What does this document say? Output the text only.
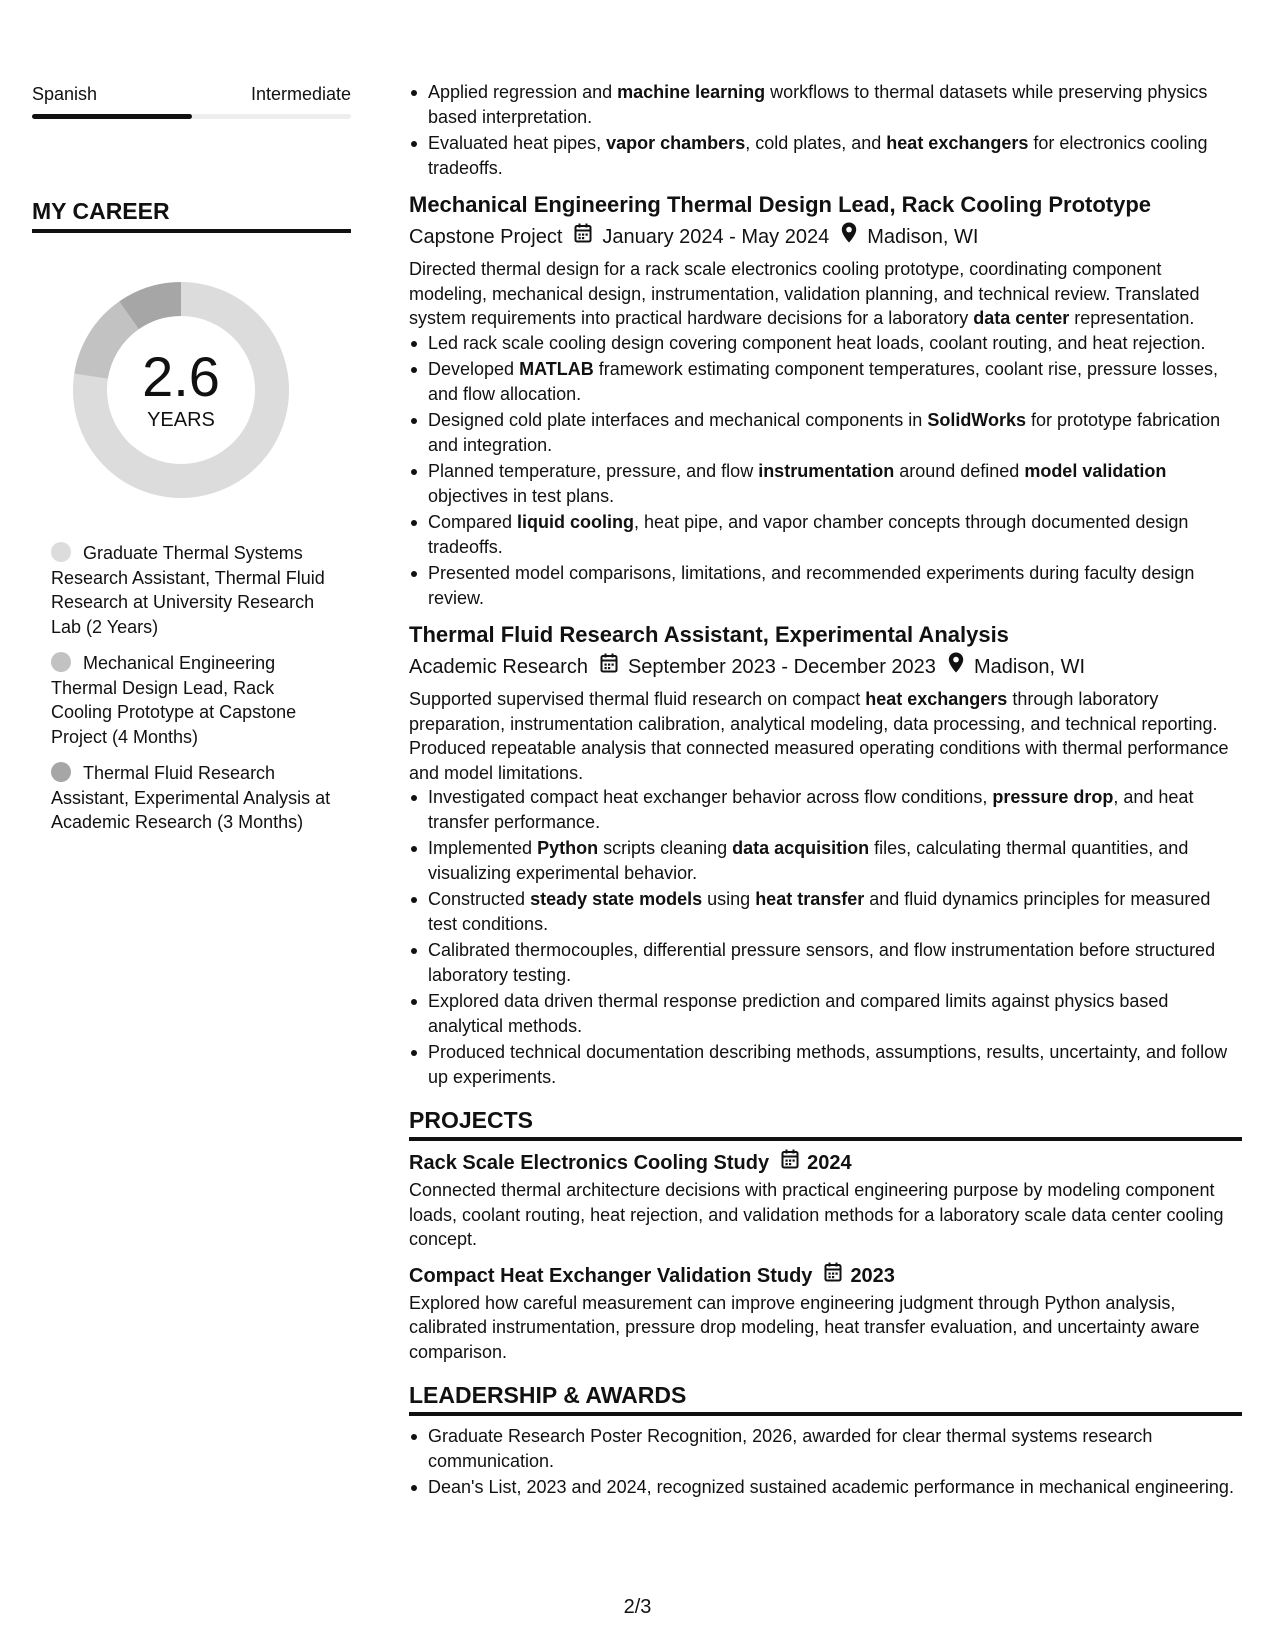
Spanish	Intermediate
MY CAREER
2.6
YEARS
Graduate Thermal Systems Research Assistant, Thermal Fluid Research at University Research Lab (2 Years)
Mechanical Engineering Thermal Design Lead, Rack Cooling Prototype at Capstone Project (4 Months)
Thermal Fluid Research Assistant, Experimental Analysis at Academic Research (3 Months)
Applied regression and machine learning workflows to thermal datasets while preserving physics based interpretation.
Evaluated heat pipes, vapor chambers, cold plates, and heat exchangers for electronics cooling tradeoffs.
Mechanical Engineering Thermal Design Lead, Rack Cooling Prototype
Capstone Project January 2024 - May 2024 Madison, WI
Directed thermal design for a rack scale electronics cooling prototype, coordinating component modeling, mechanical design, instrumentation, validation planning, and technical review. Translated system requirements into practical hardware decisions for a laboratory data center representation.
Led rack scale cooling design covering component heat loads, coolant routing, and heat rejection.
Developed MATLAB framework estimating component temperatures, coolant rise, pressure losses, and flow allocation.
Designed cold plate interfaces and mechanical components in SolidWorks for prototype fabrication and integration.
Planned temperature, pressure, and flow instrumentation around defined model validation objectives in test plans.
Compared liquid cooling, heat pipe, and vapor chamber concepts through documented design tradeoffs.
Presented model comparisons, limitations, and recommended experiments during faculty design review.
Thermal Fluid Research Assistant, Experimental Analysis
Academic Research September 2023 - December 2023 Madison, WI
Supported supervised thermal fluid research on compact heat exchangers through laboratory preparation, instrumentation calibration, analytical modeling, data processing, and technical reporting. Produced repeatable analysis that connected measured operating conditions with thermal performance and model limitations.
Investigated compact heat exchanger behavior across flow conditions, pressure drop, and heat transfer performance.
Implemented Python scripts cleaning data acquisition files, calculating thermal quantities, and visualizing experimental behavior.
Constructed steady state models using heat transfer and fluid dynamics principles for measured test conditions.
Calibrated thermocouples, differential pressure sensors, and flow instrumentation before structured laboratory testing.
Explored data driven thermal response prediction and compared limits against physics based analytical methods.
Produced technical documentation describing methods, assumptions, results, uncertainty, and follow up experiments.
PROJECTS
Rack Scale Electronics Cooling Study 2024
Connected thermal architecture decisions with practical engineering purpose by modeling component loads, coolant routing, heat rejection, and validation methods for a laboratory scale data center cooling concept.
Compact Heat Exchanger Validation Study 2023
Explored how careful measurement can improve engineering judgment through Python analysis, calibrated instrumentation, pressure drop modeling, heat transfer evaluation, and uncertainty aware comparison.
LEADERSHIP & AWARDS
Graduate Research Poster Recognition, 2026, awarded for clear thermal systems research communication.
Dean's List, 2023 and 2024, recognized sustained academic performance in mechanical engineering.
2/3
